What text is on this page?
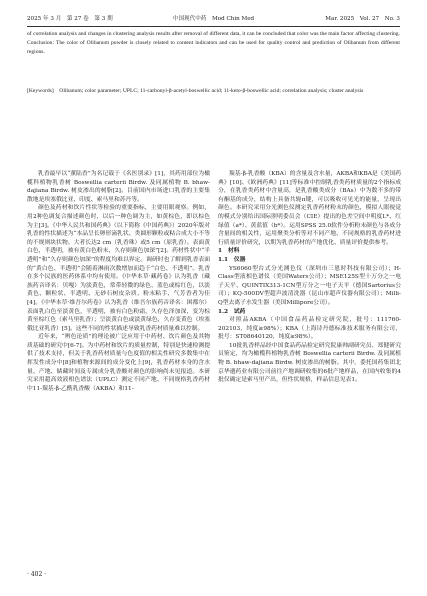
2025 年 3 月　第 27 卷　第 3 期	中国现代中药　Mod Chin Med	Mar. 2025　Vol. 27　No. 3

of correlation analysis and changes in clustering analysis results after removal of different data, it can be concluded that color was the main factor affecting clustering. Conclusion: The color of Olibanum powder is closely related to content indicators and can be used for quality control and prediction of Olibanum from different regions.

[Keywords]　Olibanum; color parameter; UPLC; 11-carbonyl-β-acetyl-boswellic acid; 11-keto-β-boswellic acid; correlation analysis; cluster analysis

乳香最早以“薰陆香”为名记载于《名医别录》[1]，其药用部位为橄榄科植物乳香树 Boswellia carterii Birdw. 及同属植物 B. bhaw-dajiana Birdw. 树皮渗出的树脂[2]。目前国内市场进口乳香的主要集散地是埃塞俄比亚、印度、索马里和苏丹等。

颜色及药材和饮片性状等检验的重要指标，主要用眼观察。例如，用2种色调复合描述颜色时，以后一种色调为主，如黄棕色，即以棕色为主[3]。《中华人民共和国药典》（以下简称《中国药典》）2020年版对乳香的性状描述为“本品呈长卵形滴乳状、类圆形颗粒或粘合成大小不等的不规则块状物。大者长达2 cm（乳香珠）或5 cm（原乳香）。表面黄白色，半透明，被有黄白色粉末，久存则颜色加深”[2]。药材性状中“半透明”和“久存则颜色加深”的程度均难以界定。调研时也了解到乳香表面的“黄白色、半透明”会随着淋雨次数增加而趋于“白色、不透明”。乳香在多个民族的医药体系中均有使用。《中华本草·藏药卷》认为乳香（藏族药音译名：贝嘎）为淡黄色，常带轻微的绿色、蓝色或棕红色，以淡黄色、颗粒状、半透明、无砂石树皮杂质、粉末粘手、气芳香者为佳[4]。《中华本草·维吾尔药卷》认为乳香（维吾尔族药音译名：困都尔）表面乳白色至淡黄色，半透明，被有白色粉霜，久存色泽加深，变为棕黄至棕红色（索马里乳香）；呈淡黄白色或淡黄绿色，久存变黄色（埃塞俄比亚乳香）[5]。这些不同的性状描述导致乳香药材质量难以控制。

近年来，“辨色论质”的理论被广泛应用于中药材、饮片颜色及其物质基础的研究中[6-7]。为中药材和饮片的质量控制，特别是快速检测提供了技术支持，但关于乳香药材质量与色度值的相关性研究多数集中在挥发性成分中[8]和植物来源间的成分变化上[9]，乳香药材本身的含水量、产地、储藏时间及专属成分乳香酸对颜色的影响尚未见报道。本研究采用超高效液相色谱法（UPLC）测定不同产地、不同规格乳香药材中11-羰基-β-乙酰乳香酸（AKBA）和11-

羰基-β-乳香酸（KBA）的含量及含水量，AKBA和KBA是《美国药典》[10]、《欧洲药典》[11]等标准中控制乳香类药材质量的2个指标成分，在乳香类药材中含量高，是乳香酸类成分（BAs）中为数不多的带有酮基的成分，结构上具备共轭π键，可以吸收可见光的能量，呈现出颜色。本研究采用分光测色仪测定乳香药材粉末的颜色，模拟人眼视觉的模式分别给出国际照明委员会（CIE）提出的色差空间中明度L*、红绿值（a*）、黄蓝值（b*）。运用SPSS 25.0软件分析粉末颜色与各成分含量间的相关性，运用聚类分析等对不同产地、不同规格的乳香药材进行质量评价研究，以期为乳香药材的产地优化、质量评价提供参考。

1　材料

1.1　仪器

YS6060型台式分光测色仪（深圳市三恩时科技有限公司）；H-Class型液相色谱仪（美国Waters公司）；MSE125S型十万分之一电子天平、QUINTIX313-1CN型万分之一电子天平（德国Sartorius公司）；KQ-500DV型超声波清洗器（昆山市超声仪器有限公司）；Milli-Q型去离子水发生器（美国Millipore公司）。

1.2　试药

对照品AKBA（中国食品药品检定研究院，批号：111760-202103，纯度≥98%）；KBA（上海诗丹德标准技术服务有限公司，批号：ST08640120，纯度≥98%）。

10批乳香样品经中国食品药品检定研究院康帅副研究员、郑健研究员鉴定，均为橄榄科植物乳香树 Boswellia carterii Birdw. 及同属植物 B. bhaw-dajiana Birdw. 树皮渗出的树脂。其中，委托国药集团北京华邈药业有限公司前往产地调研收集的6批产地样品，在国内收集的4批仅确定是索马里产出，但性状规格，样品信息见表1。

· 402 ·
